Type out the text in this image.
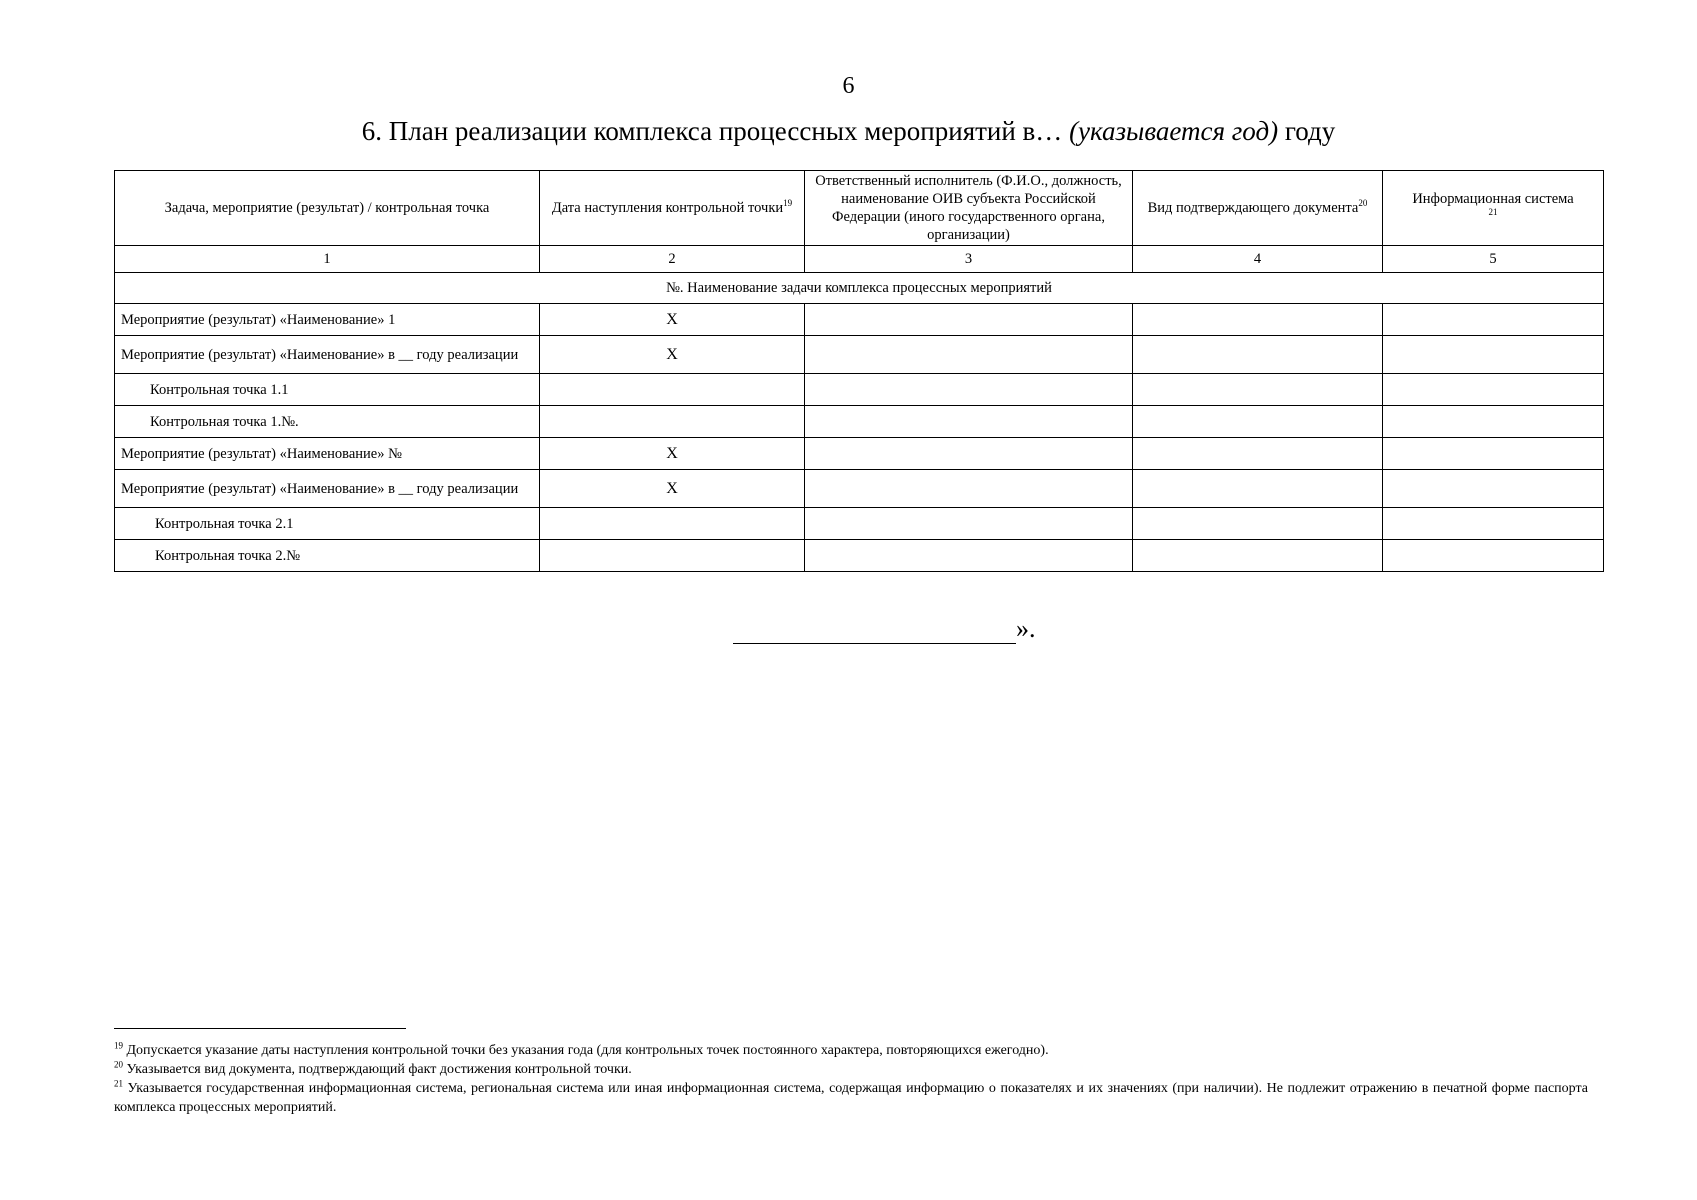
6
6. План реализации комплекса процессных мероприятий в… (указывается год) году
Задача, мероприятие (результат) / контрольная точка	Дата наступления контрольной точки$^{19}$	Ответственный исполнитель (Ф.И.О., должность, наименование ОИВ субъекта Российской Федерации (иного государственного органа, организации)	Вид подтверждающего документа$^{20}$	Информационная система
$^{21}$
1	2	3	4	5
№. Наименование задачи комплекса процессных мероприятий				
Мероприятие (результат) «Наименование» 1	Х			
Мероприятие (результат) «Наименование» в __ году реализации	Х			
Контрольная точка 1.1				
Контрольная точка 1.№.				
Мероприятие (результат) «Наименование» №	Х			
Мероприятие (результат) «Наименование» в __ году реализации	Х			
Контрольная точка 2.1				
Контрольная точка 2.№				
».

$^{19}$ Допускается указание даты наступления контрольной точки без указания года (для контрольных точек постоянного характера, повторяющихся ежегодно).

$^{20}$ Указывается вид документа, подтверждающий факт достижения контрольной точки.

$^{21}$ Указывается государственная информационная система, региональная система или иная информационная система, содержащая информацию о показателях и их значениях (при наличии). Не подлежит отражению в печатной форме паспорта комплекса процессных мероприятий.
